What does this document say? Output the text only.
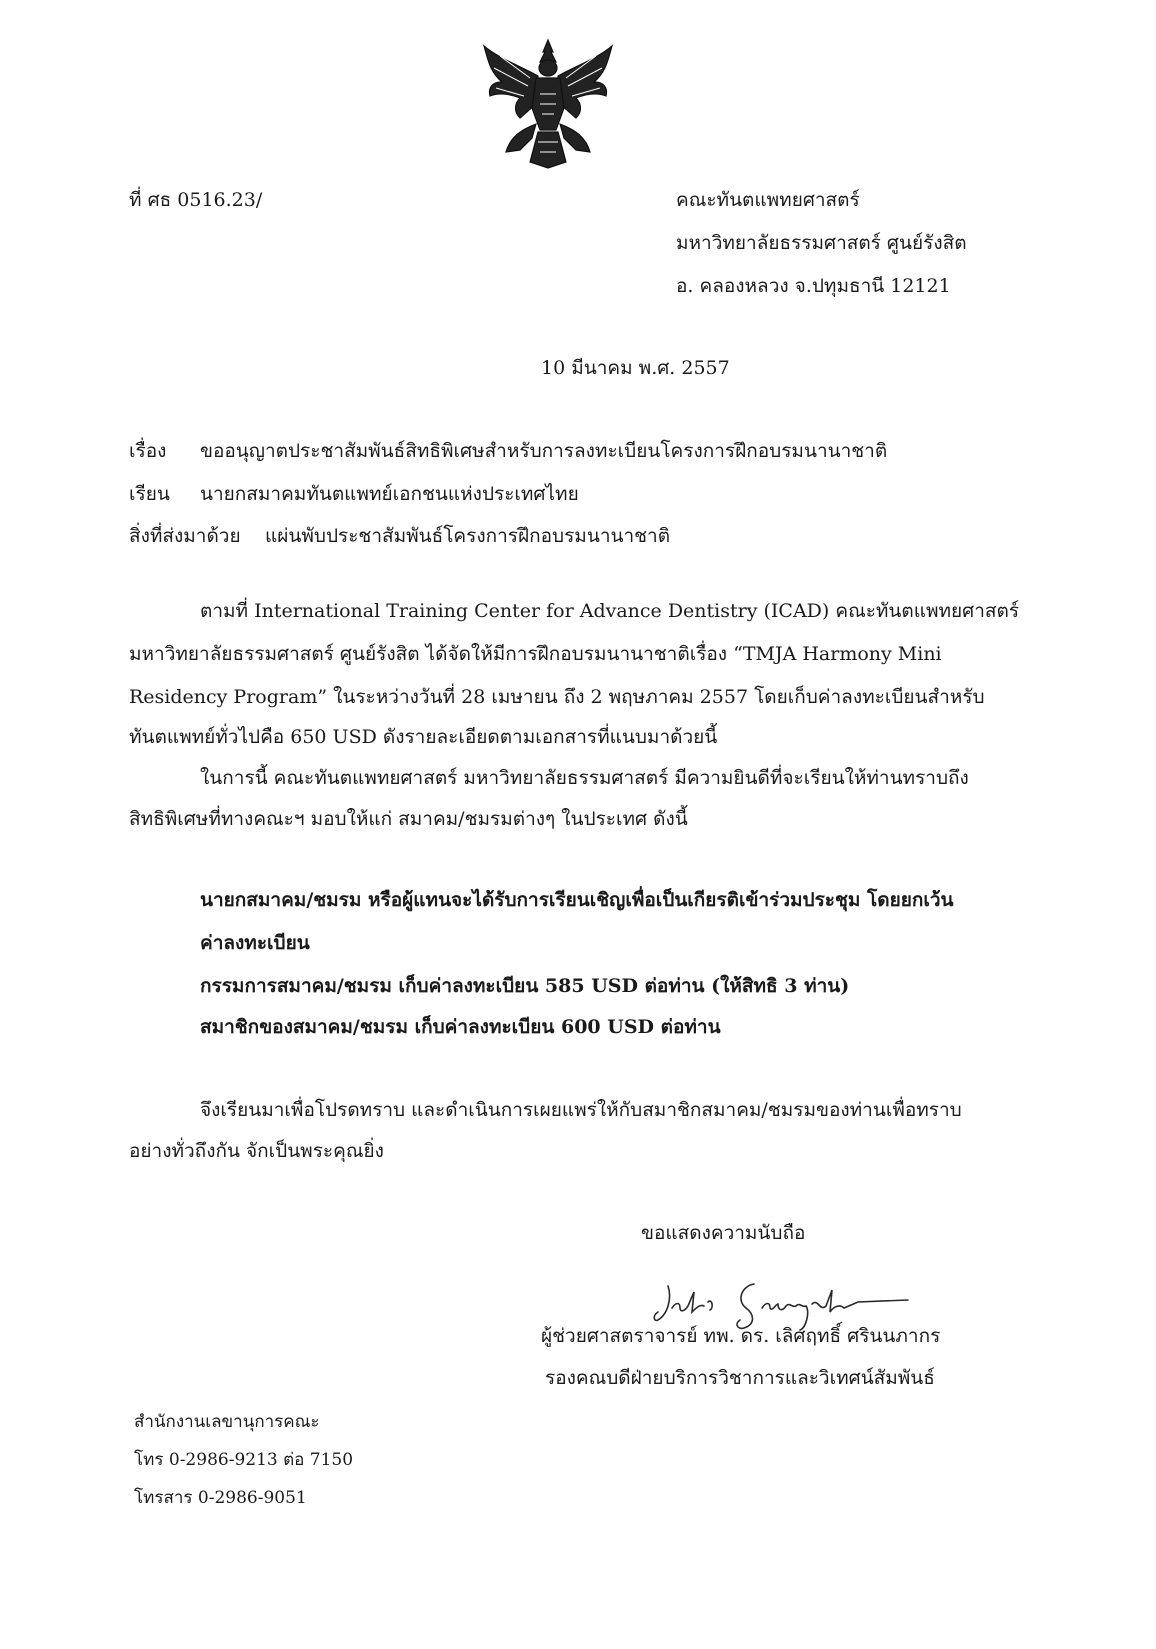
ที่ ศธ 0516.23/	คณะทันตแพทยศาสตร์
มหาวิทยาลัยธรรมศาสตร์ ศูนย์รังสิต
อ. คลองหลวง จ.ปทุมธานี 12121
10 มีนาคม พ.ศ. 2557
เรื่อง ขออนุญาตประชาสัมพันธ์สิทธิพิเศษสำหรับการลงทะเบียนโครงการฝึกอบรมนานาชาติ
เรียน นายกสมาคมทันตแพทย์เอกชนแห่งประเทศไทย
สิ่งที่ส่งมาด้วย แผ่นพับประชาสัมพันธ์โครงการฝึกอบรมนานาชาติ
ตามที่ International Training Center for Advance Dentistry (ICAD) คณะทันตแพทยศาสตร์
มหาวิทยาลัยธรรมศาสตร์ ศูนย์รังสิต ได้จัดให้มีการฝึกอบรมนานาชาติเรื่อง “TMJA Harmony Mini
Residency Program” ในระหว่างวันที่ 28 เมษายน ถึง 2 พฤษภาคม 2557 โดยเก็บค่าลงทะเบียนสำหรับ
ทันตแพทย์ทั่วไปคือ 650 USD ดังรายละเอียดตามเอกสารที่แนบมาด้วยนี้
ในการนี้ คณะทันตแพทยศาสตร์ มหาวิทยาลัยธรรมศาสตร์ มีความยินดีที่จะเรียนให้ท่านทราบถึง
สิทธิพิเศษที่ทางคณะฯ มอบให้แก่ สมาคม/ชมรมต่างๆ ในประเทศ ดังนี้
นายกสมาคม/ชมรม หรือผู้แทนจะได้รับการเรียนเชิญเพื่อเป็นเกียรติเข้าร่วมประชุม โดยยกเว้น
ค่าลงทะเบียน
กรรมการสมาคม/ชมรม เก็บค่าลงทะเบียน 585 USD ต่อท่าน (ให้สิทธิ 3 ท่าน)
สมาชิกของสมาคม/ชมรม เก็บค่าลงทะเบียน 600 USD ต่อท่าน
จึงเรียนมาเพื่อโปรดทราบ และดำเนินการเผยแพร่ให้กับสมาชิกสมาคม/ชมรมของท่านเพื่อทราบ
อย่างทั่วถึงกัน จักเป็นพระคุณยิ่ง
ขอแสดงความนับถือ
ผู้ช่วยศาสตราจารย์ ทพ. ดร. เลิศฤทธิ์ ศรินนภากร
รองคณบดีฝ่ายบริการวิชาการและวิเทศน์สัมพันธ์
สำนักงานเลขานุการคณะ
โทร 0-2986-9213 ต่อ 7150
โทรสาร 0-2986-9051
